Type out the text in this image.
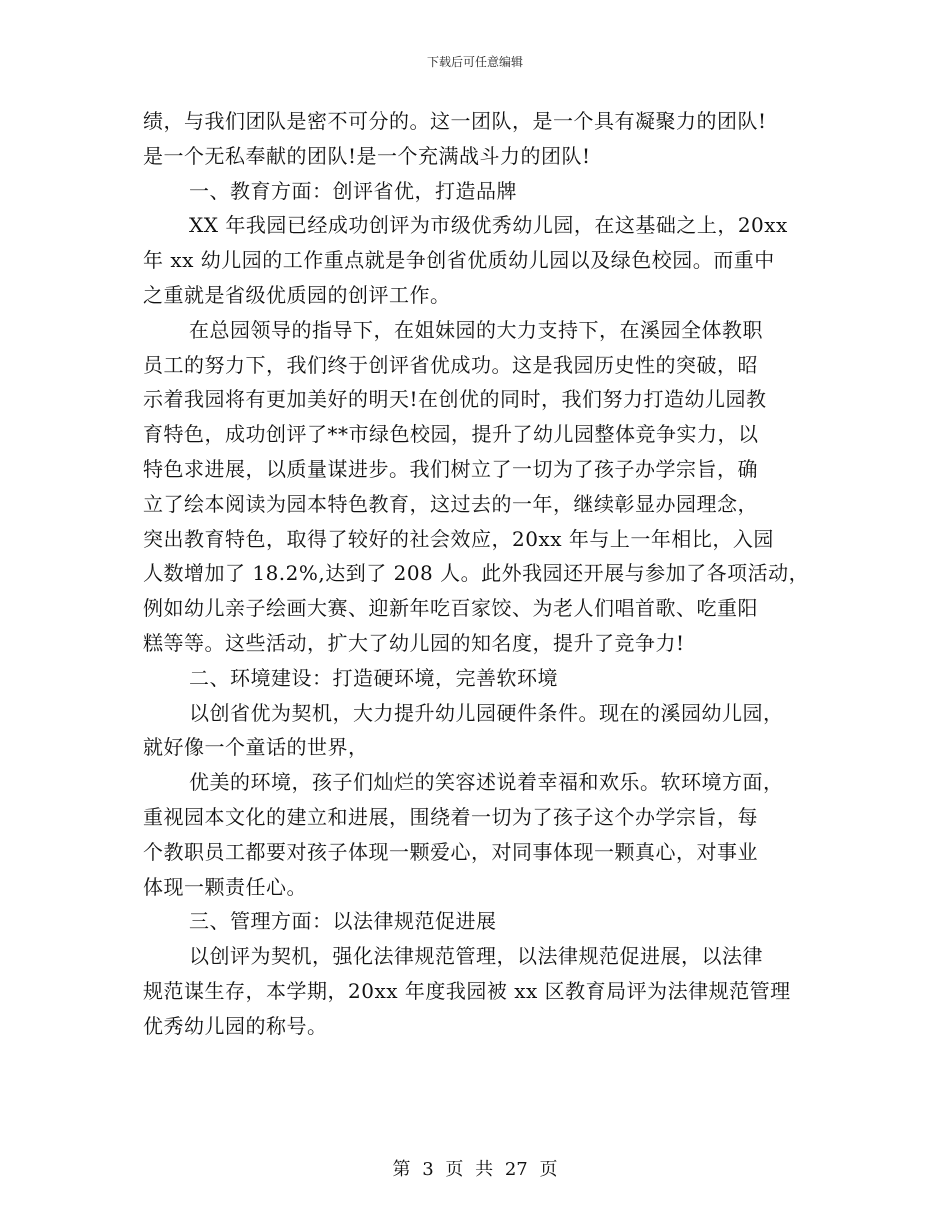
下载后可任意编辑
绩，与我们团队是密不可分的。这一团队，是一个具有凝聚力的团队!
是一个无私奉献的团队!是一个充满战斗力的团队!
一、教育方面：创评省优，打造品牌
XX 年我园已经成功创评为市级优秀幼儿园，在这基础之上，20xx
年 xx 幼儿园的工作重点就是争创省优质幼儿园以及绿色校园。而重中
之重就是省级优质园的创评工作。
在总园领导的指导下，在姐妹园的大力支持下，在溪园全体教职
员工的努力下，我们终于创评省优成功。这是我园历史性的突破，昭
示着我园将有更加美好的明天!在创优的同时，我们努力打造幼儿园教
育特色，成功创评了**市绿色校园，提升了幼儿园整体竞争实力，以
特色求进展，以质量谋进步。我们树立了一切为了孩子办学宗旨，确
立了绘本阅读为园本特色教育，这过去的一年，继续彰显办园理念，
突出教育特色，取得了较好的社会效应，20xx 年与上一年相比，入园
人数增加了 18.2%,达到了 208 人。此外我园还开展与参加了各项活动，
例如幼儿亲子绘画大赛、迎新年吃百家饺、为老人们唱首歌、吃重阳
糕等等。这些活动，扩大了幼儿园的知名度，提升了竞争力!
二、环境建设：打造硬环境，完善软环境
以创省优为契机，大力提升幼儿园硬件条件。现在的溪园幼儿园，
就好像一个童话的世界，
优美的环境，孩子们灿烂的笑容述说着幸福和欢乐。软环境方面，
重视园本文化的建立和进展，围绕着一切为了孩子这个办学宗旨，每
个教职员工都要对孩子体现一颗爱心，对同事体现一颗真心，对事业
体现一颗责任心。
三、管理方面：以法律规范促进展
以创评为契机，强化法律规范管理，以法律规范促进展，以法律
规范谋生存，本学期，20xx 年度我园被 xx 区教育局评为法律规范管理
优秀幼儿园的称号。
第 3 页 共 27 页
